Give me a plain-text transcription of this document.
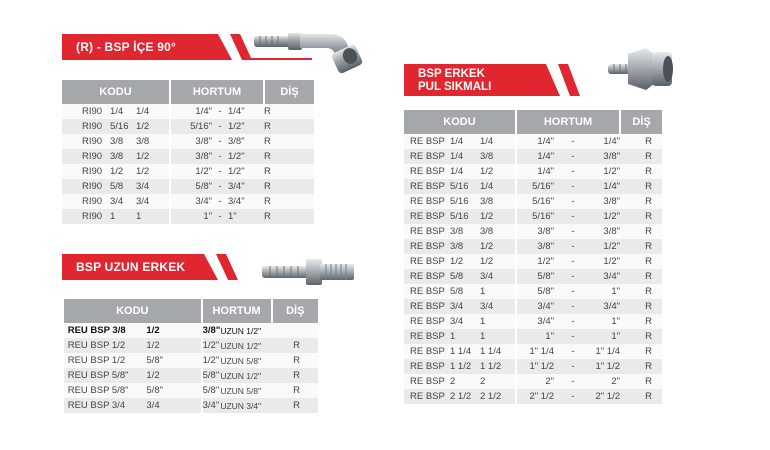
(R) - BSP İÇE 90°
KODU				HORTUM			DİŞ
	RI90	1/4	1/4	1/4"	-	1/4"	R
	RI90	5/16	1/2	5/16"	-	1/2"	R
	RI90	3/8	3/8	3/8"	-	3/8"	R
	RI90	3/8	1/2	3/8"	-	1/2"	R
	RI90	1/2	1/2	1/2"	-	1/2"	R
	RI90	5/8	3/4	5/8"	-	3/4"	R
	RI90	3/4	3/4	3/4"	-	3/4"	R
	RI90	1	1	1"	-	1"	R
BSP UZUN ERKEK
KODU				HORTUM		DİŞ
	REU BSP 3/8	1/2		3/8"	UZUN 1/2"	
	REU BSP 1/2	1/2		1/2"	UZUN 1/2"	R
	REU BSP 1/2	5/8"		1/2"	UZUN 5/8"	R
	REU BSP 5/8"	1/2		5/8"	UZUN 1/2"	R
	REU BSP 5/8"	5/8"		5/8"	UZUN 5/8"	R
	REU BSP 3/4	3/4		3/4"	UZUN 3/4"	R
BSP ERKEK
PUL SIKMALI
KODU				HORTUM			DİŞ	
	RE BSP	1/4	1/4	1/4"	-	1/4"	R	
	RE BSP	1/4	3/8	1/4"	-	3/8"	R	
	RE BSP	1/4	1/2	1/4"	-	1/2"	R	
	RE BSP	5/16	1/4	5/16"	-	1/4"	R	
	RE BSP	5/16	3/8	5/16"	-	3/8"	R	
	RE BSP	5/16	1/2	5/16"	-	1/2"	R	
	RE BSP	3/8	3/8	3/8"	-	3/8"	R	
	RE BSP	3/8	1/2	3/8"	-	1/2"	R	
	RE BSP	1/2	1/2	1/2"	-	1/2"	R	
	RE BSP	5/8	3/4	5/8"	-	3/4"	R	
	RE BSP	5/8	1	5/8"	-	1"	R	
	RE BSP	3/4	3/4	3/4"	-	3/4"	R	
	RE BSP	3/4	1	3/4"	-	1"	R	
	RE BSP	1	1	1"	-	1"	R	
	RE BSP	1 1/4	1 1/4	1" 1/4	-	1" 1/4	R	
	RE BSP	1 1/2	1 1/2	1" 1/2	-	1" 1/2	R	
	RE BSP	2	2	2"	-	2"	R	
	RE BSP	2 1/2	2 1/2	2" 1/2	-	2" 1/2	R	
